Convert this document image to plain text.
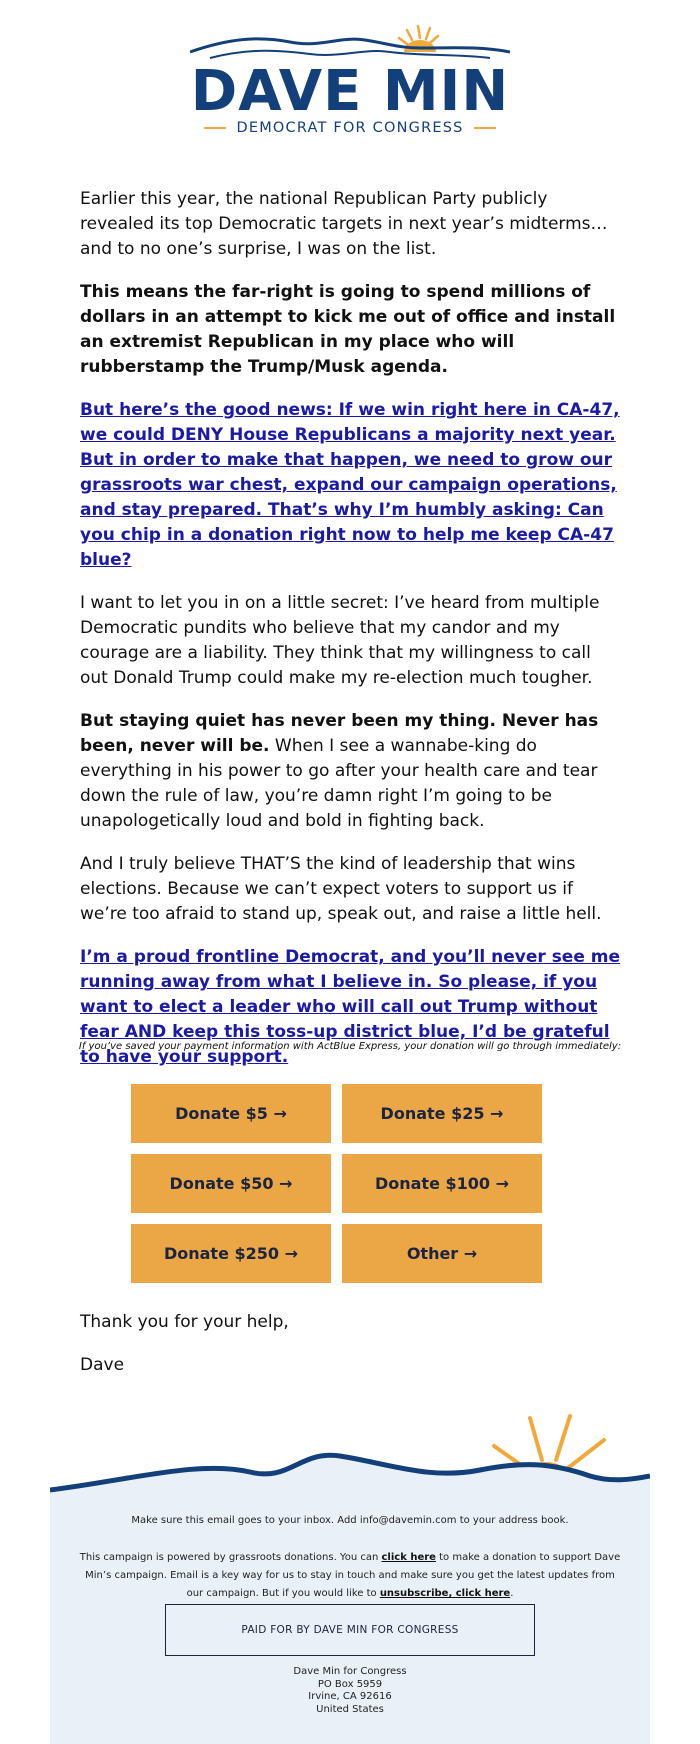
DAVE MIN
DEMOCRAT FOR CONGRESS

Earlier this year, the national Republican Party publicly revealed its top Democratic targets in next year’s midterms… and to no one’s surprise, I was on the list.

This means the far-right is going to spend millions of dollars in an attempt to kick me out of office and install an extremist Republican in my place who will rubberstamp the Trump/Musk agenda.

But here’s the good news: If we win right here in CA-47, we could DENY House Republicans a majority next year. But in order to make that happen, we need to grow our grassroots war chest, expand our campaign operations, and stay prepared. That’s why I’m humbly asking: Can you chip in a donation right now to help me keep CA-47 blue?

I want to let you in on a little secret: I’ve heard from multiple Democratic pundits who believe that my candor and my courage are a liability. They think that my willingness to call out Donald Trump could make my re-election much tougher.

But staying quiet has never been my thing. Never has been, never will be. When I see a wannabe-king do everything in his power to go after your health care and tear down the rule of law, you’re damn right I’m going to be unapologetically loud and bold in fighting back.

And I truly believe THAT’S the kind of leadership that wins elections. Because we can’t expect voters to support us if we’re too afraid to stand up, speak out, and raise a little hell.

I’m a proud frontline Democrat, and you’ll never see me running away from what I believe in. So please, if you want to elect a leader who will call out Trump without fear AND keep this toss-up district blue, I’d be grateful to have your support.

If you’ve saved your payment information with ActBlue Express, your donation will go through immediately:
Donate $5 →	Donate $25 →
Donate $50 →	Donate $100 →
Donate $250 →	Other →

Thank you for your help,

Dave

Make sure this email goes to your inbox. Add info@davemin.com to your address book.
This campaign is powered by grassroots donations. You can click here to make a donation to support Dave
Min’s campaign. Email is a key way for us to stay in touch and make sure you get the latest updates from
our campaign. But if you would like to unsubscribe, click here.
PAID FOR BY DAVE MIN FOR CONGRESS
Dave Min for Congress
PO Box 5959
Irvine, CA 92616
United States
